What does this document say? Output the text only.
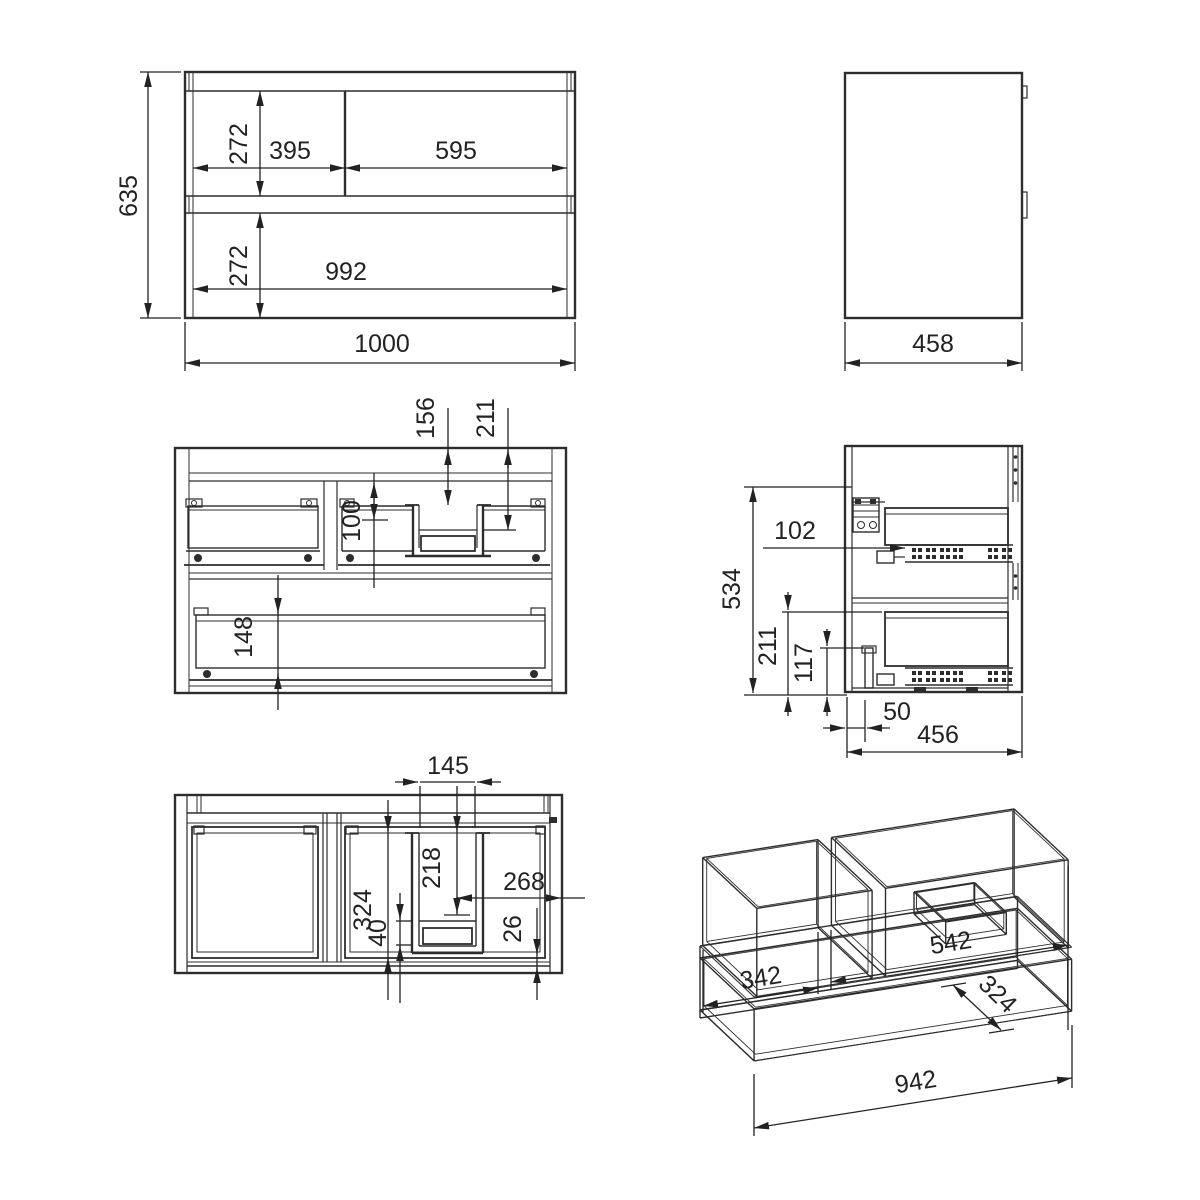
635
272 395	595
272	992
1000	458
156 211
100
148
102
534
211 117
50
456
145
218 268
324
40	26
342
542
324
942
